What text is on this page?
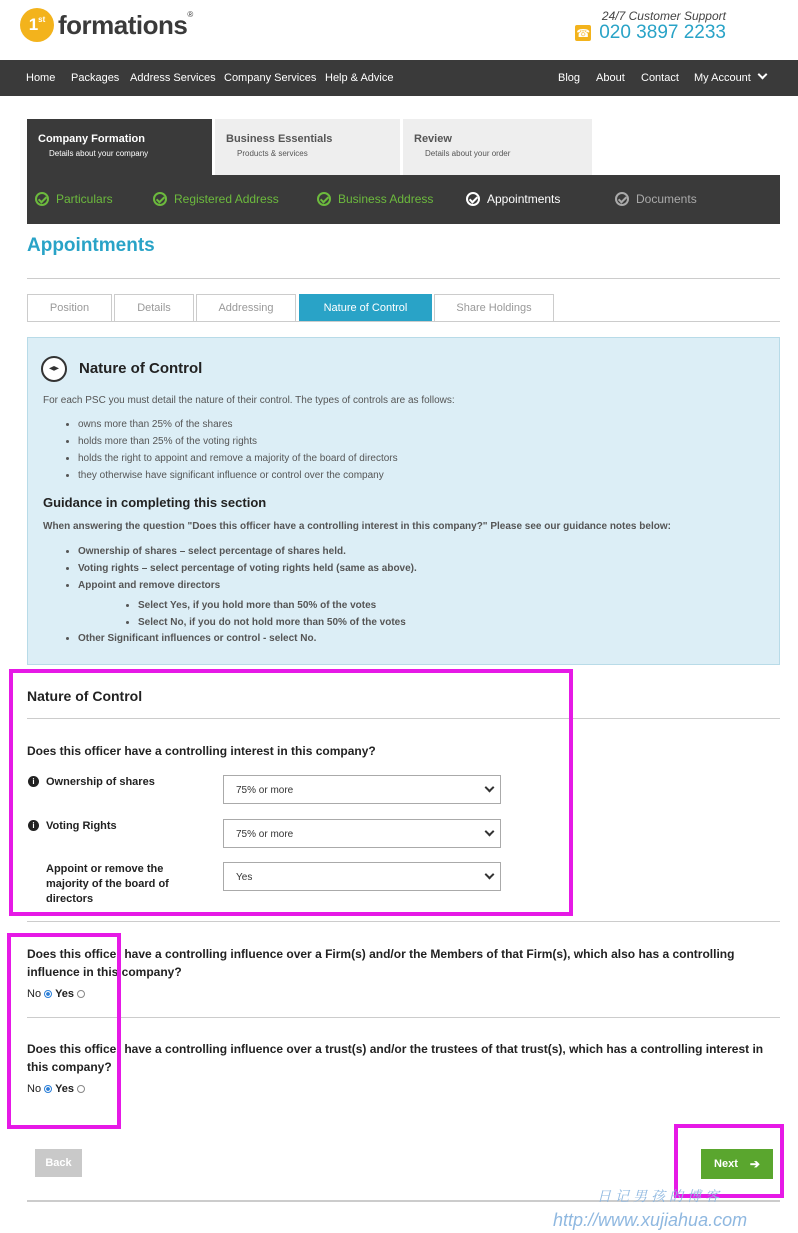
1st formations®	24/7 Customer Support
☎ 020 3897 2233
Home Packages Address Services Company Services Help & Advice	Blog About Contact My Account
Company Formation
Details about your company
Business Essentials
Products & services
Review
Details about your order
Particulars	Registered Address	Business Address	Appointments	Documents
Appointments
Position	Details	Addressing	Nature of Control	Share Holdings
Nature of Control

For each PSC you must detail the nature of their control. The types of controls are as follows:

• owns more than 25% of the shares
• holds more than 25% of the voting rights
• holds the right to appoint and remove a majority of the board of directors
• they otherwise have significant influence or control over the company
Guidance in completing this section

When answering the question "Does this officer have a controlling interest in this company?" Please see our guidance notes below:

• Ownership of shares – select percentage of shares held.
• Voting rights – select percentage of voting rights held (same as above).
• Appoint and remove directors
• Select Yes, if you hold more than 50% of the votes
• Select No, if you do not hold more than 50% of the votes
• Other Significant influences or control - select No.
Nature of Control
Does this officer have a controlling interest in this company?
i	Ownership of shares
75% or more
i	Voting Rights
75% or more
Appoint or remove the majority of the board of directors
Yes
Does this officer have a controlling influence over a Firm(s) and/or the Members of that Firm(s), which also has a controlling influence in this company?
No Yes
Does this officer have a controlling influence over a trust(s) and/or the trustees of that trust(s), which has a controlling interest in this company?
No Yes
Back	Next ➔
日记男孩的博客
http://www.xujiahua.com
